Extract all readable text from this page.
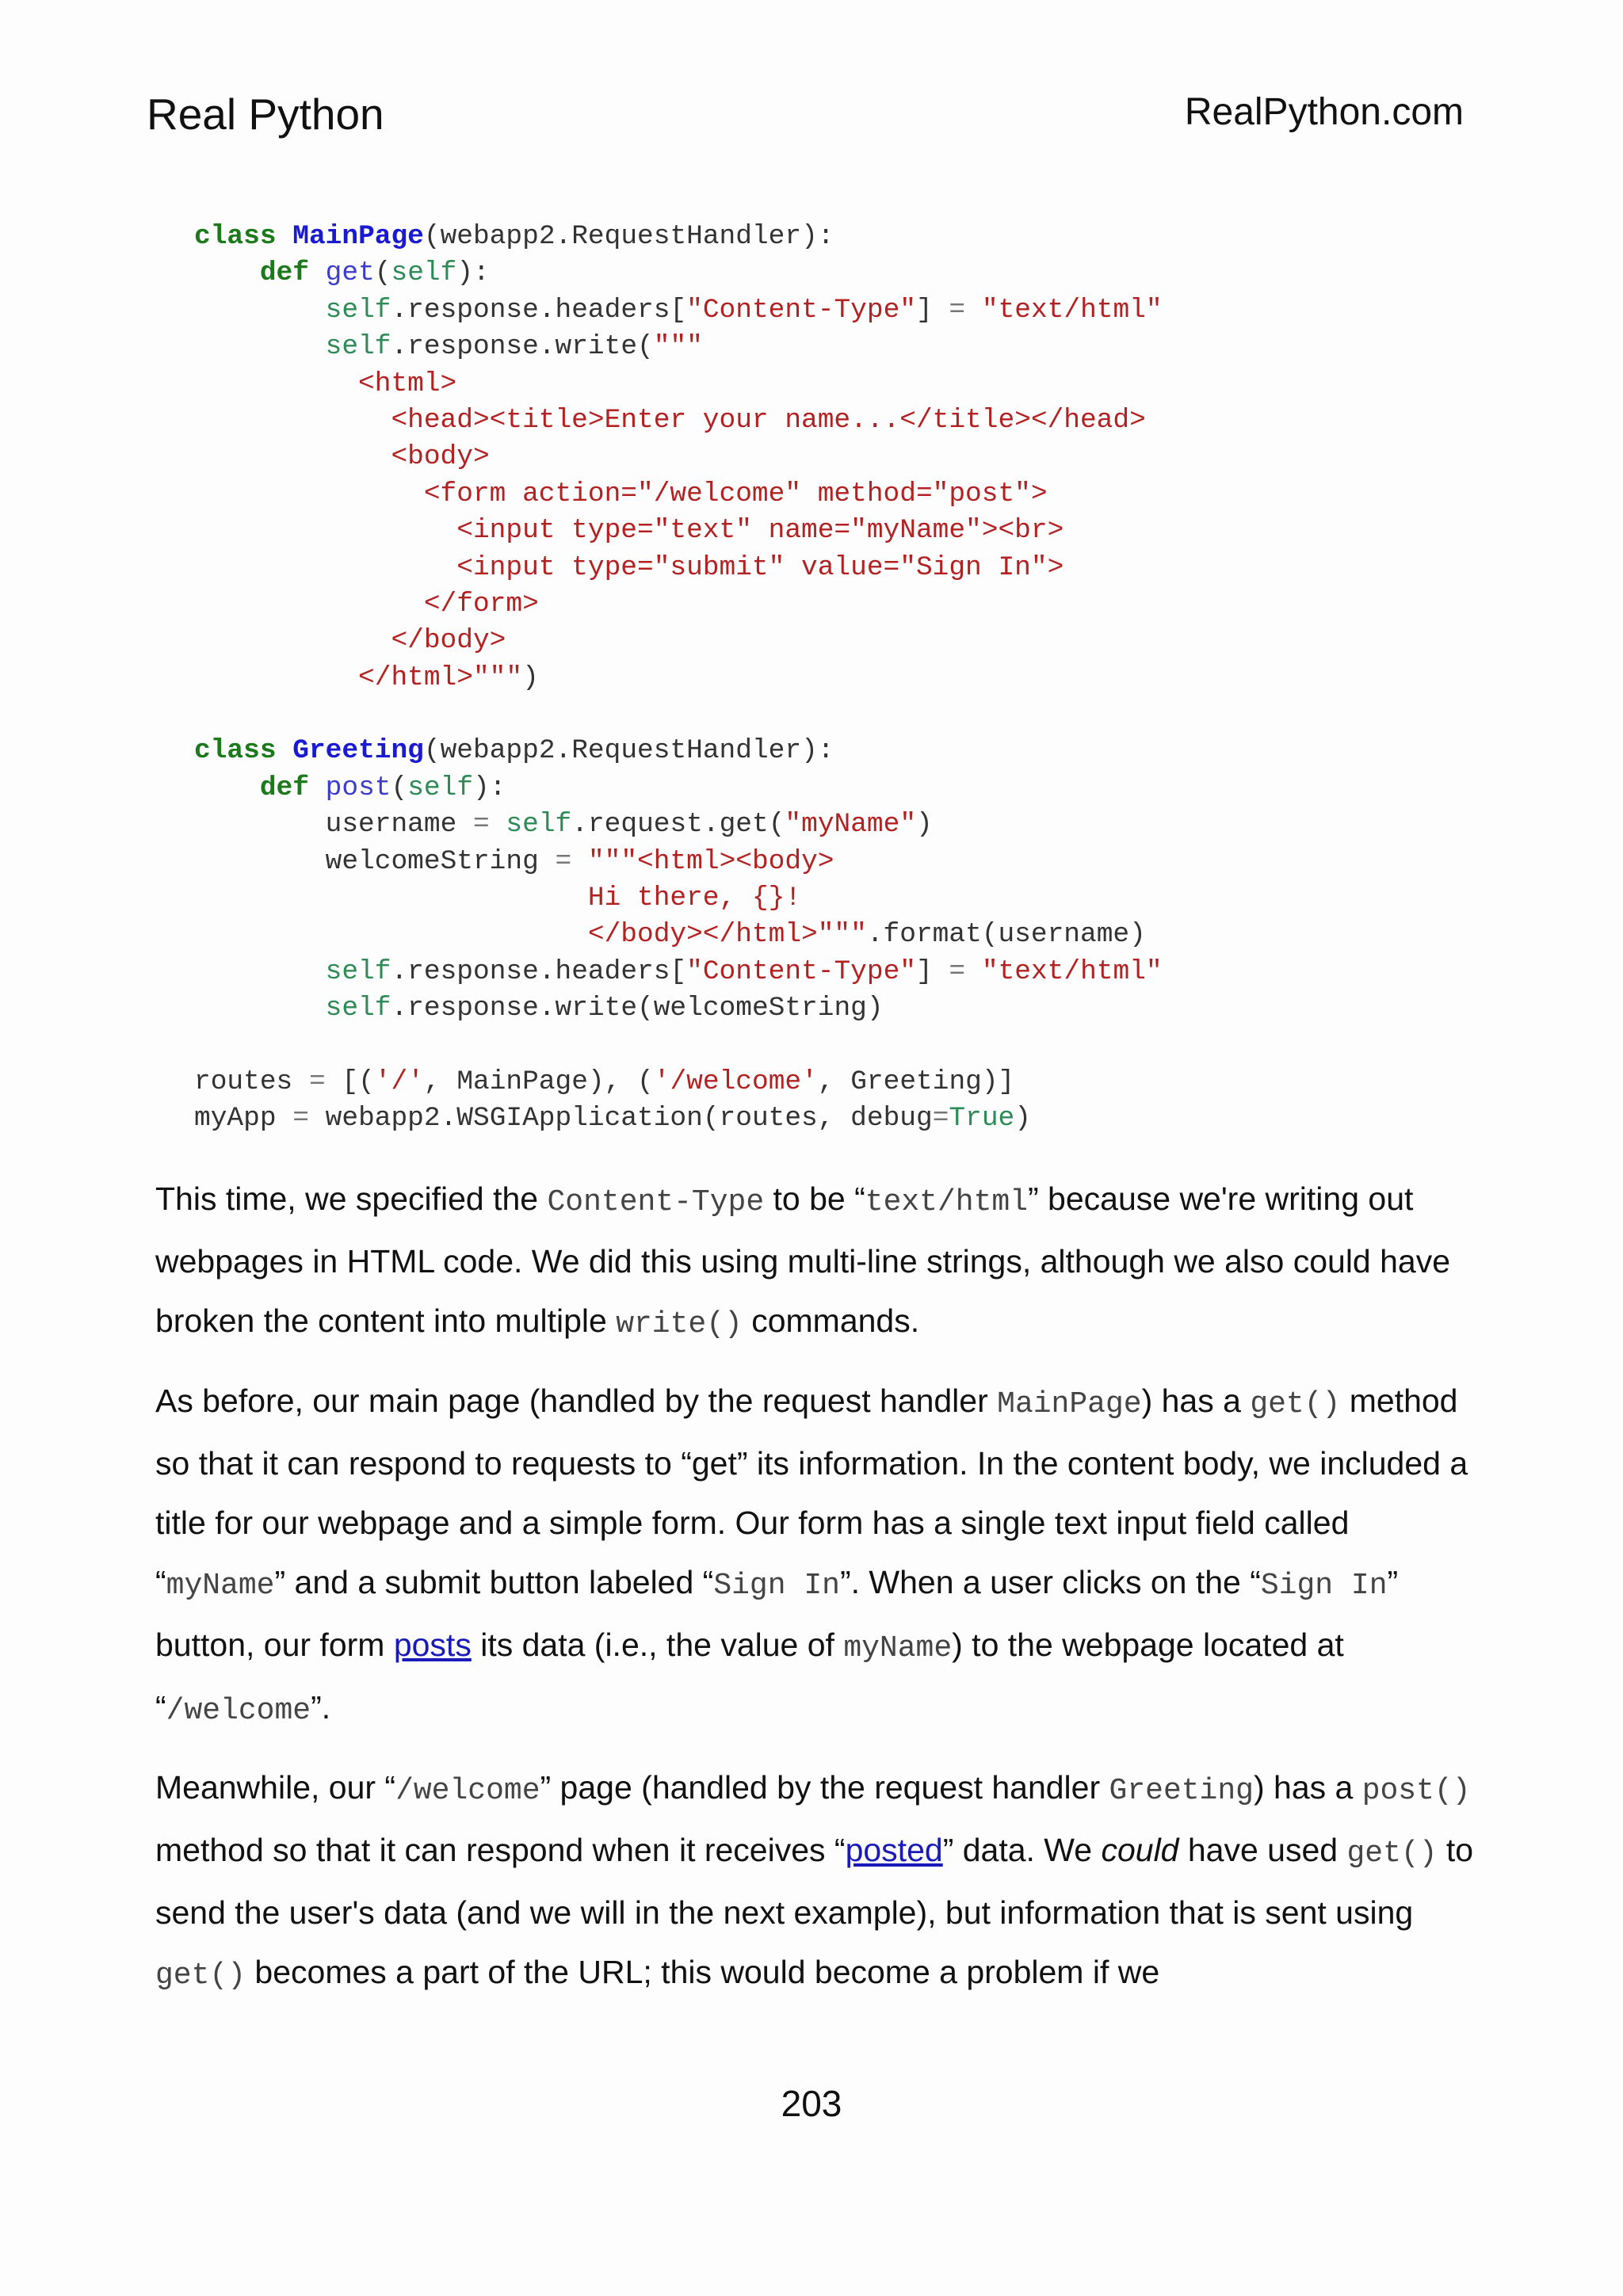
Real Python	RealPython.com
class MainPage(webapp2.RequestHandler):
def get(self):
self.response.headers["Content-Type"] = "text/html"
self.response.write("""
<html>
<head><title>Enter your name...</title></head>
<body>
<form action="/welcome" method="post">
<input type="text" name="myName"><br>
<input type="submit" value="Sign In">
</form>
</body>
</html>""")
class Greeting(webapp2.RequestHandler):
def post(self):
username = self.request.get("myName")
welcomeString = """<html><body>
Hi there, {}!
</body></html>""".format(username)
self.response.headers["Content-Type"] = "text/html"
self.response.write(welcomeString)
routes = [('/', MainPage), ('/welcome', Greeting)]
myApp = webapp2.WSGIApplication(routes, debug=True)

This time, we specified the Content-Type to be “text/html” because we're writing out webpages in HTML code. We did this using multi-line strings, although we also could have broken the content into multiple write() commands.

As before, our main page (handled by the request handler MainPage) has a get() method so that it can respond to requests to “get” its information. In the content body, we included a title for our webpage and a simple form. Our form has a single text input field called “myName” and a submit button labeled “Sign In”. When a user clicks on the “Sign In” button, our form posts its data (i.e., the value of myName) to the webpage located at “/welcome”.

Meanwhile, our “/welcome” page (handled by the request handler Greeting) has a post() method so that it can respond when it receives “posted” data. We could have used get() to send the user's data (and we will in the next example), but information that is sent using get() becomes a part of the URL; this would become a problem if we

203
